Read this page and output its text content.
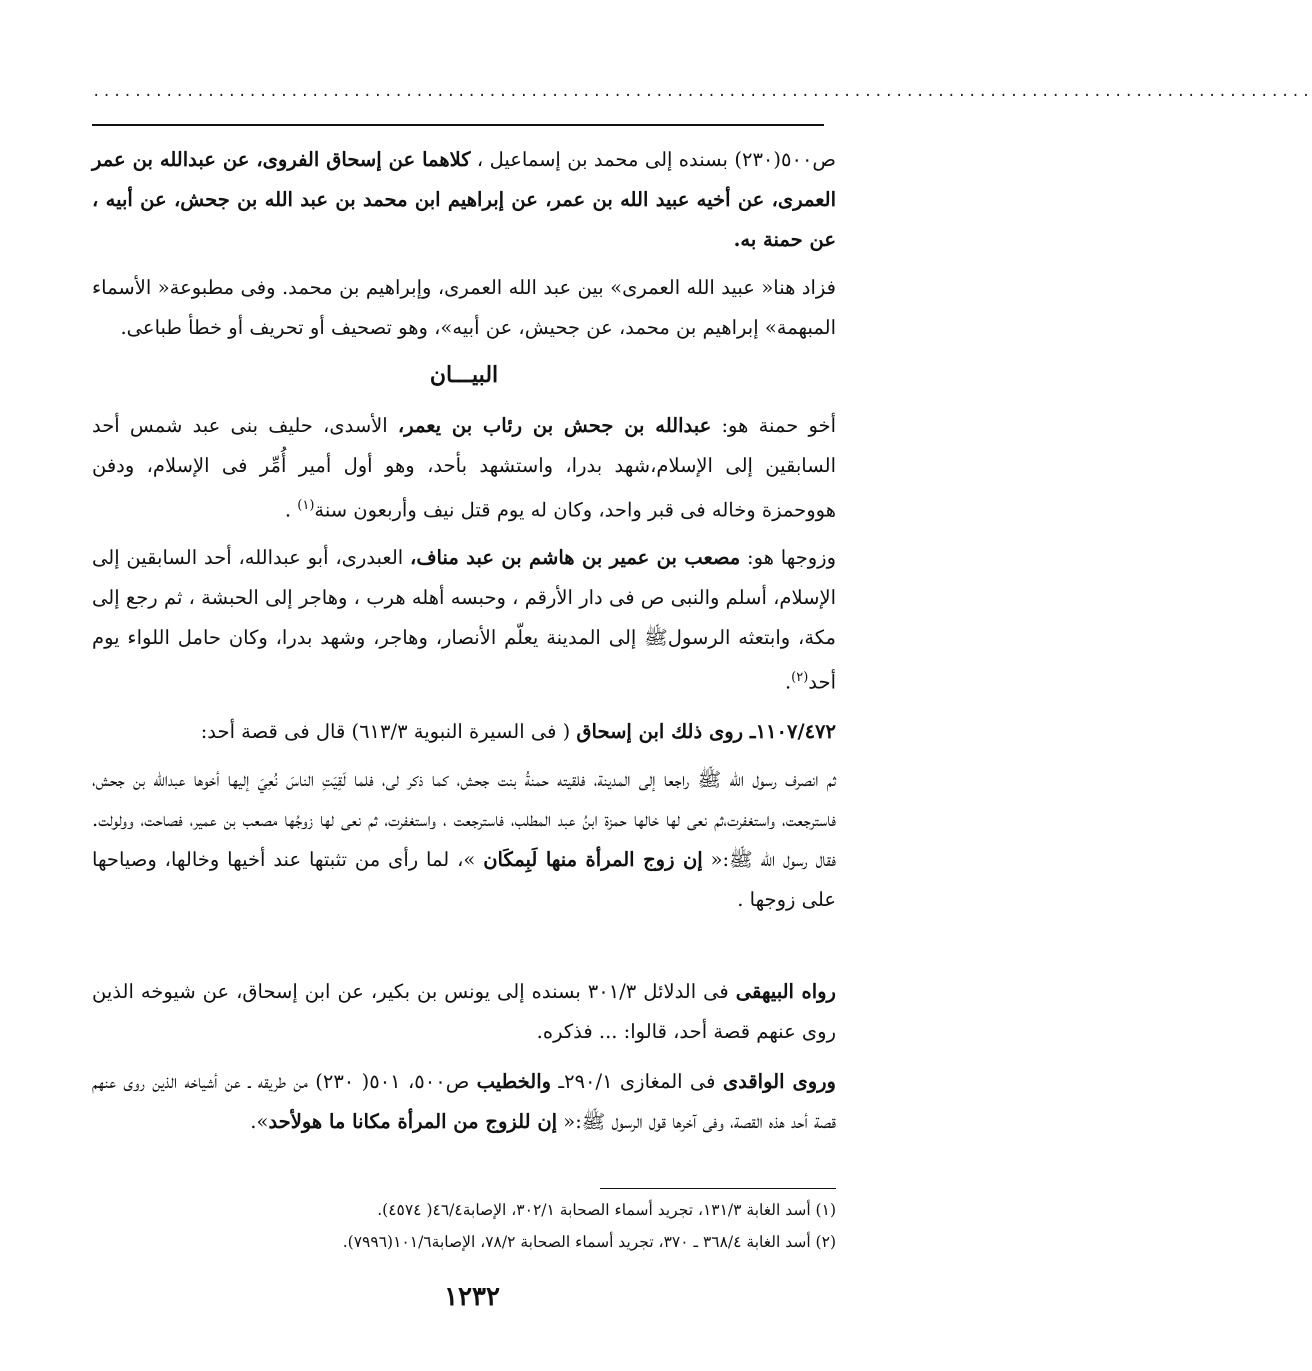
.....................................................................................................................
ص٥٠٠(٢٣٠) بسنده إلى محمد بن إسماعيل ، كلاهما عن إسحاق الفروى، عن عبدالله بن عمر العمرى، عن أخيه عبيد الله بن عمر، عن إبراهيم ابن محمد بن عبد الله بن جحش، عن أبيه ، عن حمنة به.
فزاد هنا« عبيد الله العمرى» بين عبد الله العمرى، وإبراهيم بن محمد. وفى مطبوعة« الأسماء المبهمة» إبراهيم بن محمد، عن جحيش، عن أبيه»، وهو تصحيف أو تحريف أو خطأ طباعى.
البيـــان
أخو حمنة هو: عبدالله بن جحش بن رئاب بن يعمر، الأسدى، حليف بنى عبد شمس أحد السابقين إلى الإسلام،شهد بدرا، واستشهد بأحد، وهو أول أمير أُمِّر فى الإسلام، ودفن هووحمزة وخاله فى قبر واحد، وكان له يوم قتل نيف وأربعون سنة$^{(١)}$ .
وزوجها هو: مصعب بن عمير بن هاشم بن عبد مناف، العبدرى، أبو عبدالله، أحد السابقين إلى الإسلام، أسلم والنبى ص فى دار الأرقم ، وحبسه أهله هرب ، وهاجر إلى الحبشة ، ثم رجع إلى مكة، وابتعثه الرسولﷺ إلى المدينة يعلّم الأنصار، وهاجر، وشهد بدرا، وكان حامل اللواء يوم أحد$^{(٢)}$.
١١٠٧/٤٧٢ـ روى ذلك ابن إسحاق ( فى السيرة النبوية ٦١٣/٣) قال فى قصة أحد:
ثم انصرف رسول الله ﷺ راجعا إلى المدينة، فلقيته حمنةُ بنت جحش، كما ذكر لى، فلما لَقِيَتِ الناسَ نُعِيَ إليها أخوها عبدالله بن جحش، فاسترجعت، واستغفرت،ثم نعى لها خالها حمزة ابنُ عبد المطلب، فاسترجعت ، واستغفرت، ثم نعى لها زوجُها مصعب بن عمير، فصاحت، وولولت. فقال رسول الله ﷺ:« إن زوج المرأة منها لَبِمكَان »، لما رأى من تثبتها عند أخيها وخالها، وصياحها على زوجها .
رواه البيهقى فى الدلائل ٣٠١/٣ بسنده إلى يونس بن بكير، عن ابن إسحاق، عن شيوخه الذين روى عنهم قصة أحد، قالوا: ... فذكره.
وروى الواقدى فى المغازى ٢٩٠/١ـ والخطيب ص٥٠٠، ٥٠١( ٢٣٠) من طريقه ـ عن أشياخه الذين روى عنهم قصة أحد هذه القصة، وفى آخرها قول الرسول ﷺ:« إن للزوج من المرأة مكانا ما هولأحد».
(١) أسد الغابة ١٣١/٣، تجريد أسماء الصحابة ٣٠٢/١، الإصابة٤٦/٤( ٤٥٧٤).
(٢) أسد الغابة ٣٦٨/٤ ـ ٣٧٠، تجريد أسماء الصحابة ٧٨/٢، الإصابة١٠١/٦(٧٩٩٦).
١٢٣٢
